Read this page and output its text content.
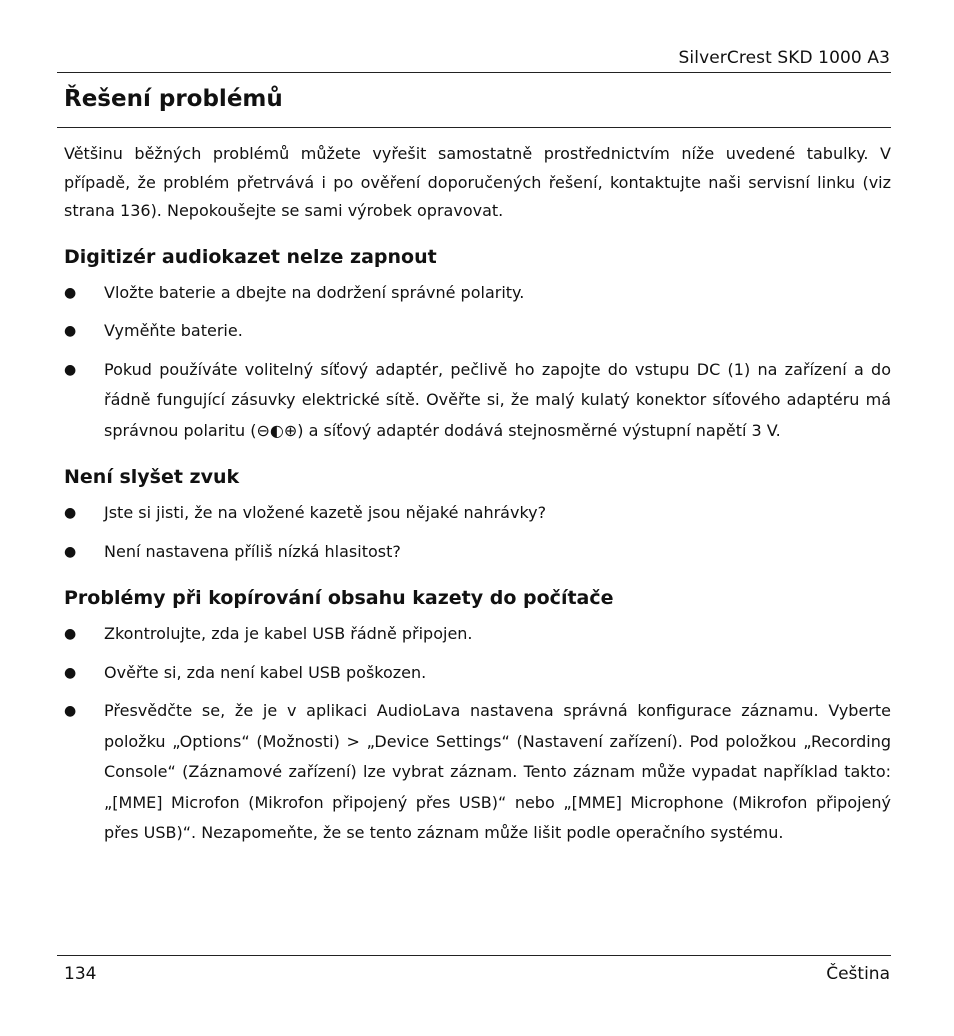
SilverCrest SKD 1000 A3
Řešení problémů

Většinu běžných problémů můžete vyřešit samostatně prostřednictvím níže uvedené tabulky. V případě, že problém přetrvává i po ověření doporučených řešení, kontaktujte naši servisní linku (viz strana 136). Nepokoušejte se sami výrobek opravovat.

Digitizér audiokazet nelze zapnout
●	Vložte baterie a dbejte na dodržení správné polarity.
●	Vyměňte baterie.
●	Pokud používáte volitelný síťový adaptér, pečlivě ho zapojte do vstupu DC (1) na zařízení a do řádně fungující zásuvky elektrické sítě. Ověřte si, že malý kulatý konektor síťového adaptéru má správnou polaritu (⊖◐⊕) a síťový adaptér dodává stejnosměrné výstupní napětí 3 V.
Není slyšet zvuk
●	Jste si jisti, že na vložené kazetě jsou nějaké nahrávky?
●	Není nastavena příliš nízká hlasitost?
Problémy při kopírování obsahu kazety do počítače
●	Zkontrolujte, zda je kabel USB řádně připojen.
●	Ověřte si, zda není kabel USB poškozen.
●	Přesvědčte se, že je v aplikaci AudioLava nastavena správná konfigurace záznamu. Vyberte položku „Options“ (Možnosti) > „Device Settings“ (Nastavení zařízení). Pod položkou „Recording Console“ (Záznamové zařízení) lze vybrat záznam. Tento záznam může vypadat například takto: „[MME] Microfon (Mikrofon připojený přes USB)“ nebo „[MME] Microphone (Mikrofon připojený přes USB)“. Nezapomeňte, že se tento záznam může lišit podle operačního systému.
134	Čeština
